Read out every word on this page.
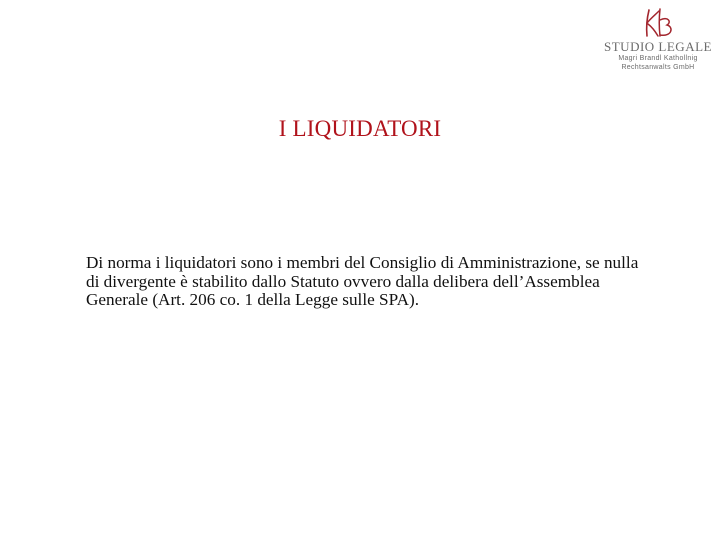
STUDIO LEGALE
Magri Brandl Kathollnig
Rechtsanwalts GmbH
I LIQUIDATORI

Di norma i liquidatori sono i membri del Consiglio di Amministrazione, se nulla di divergente è stabilito dallo Statuto ovvero dalla delibera dell’Assemblea Generale (Art. 206 co. 1 della Legge sulle SPA).
